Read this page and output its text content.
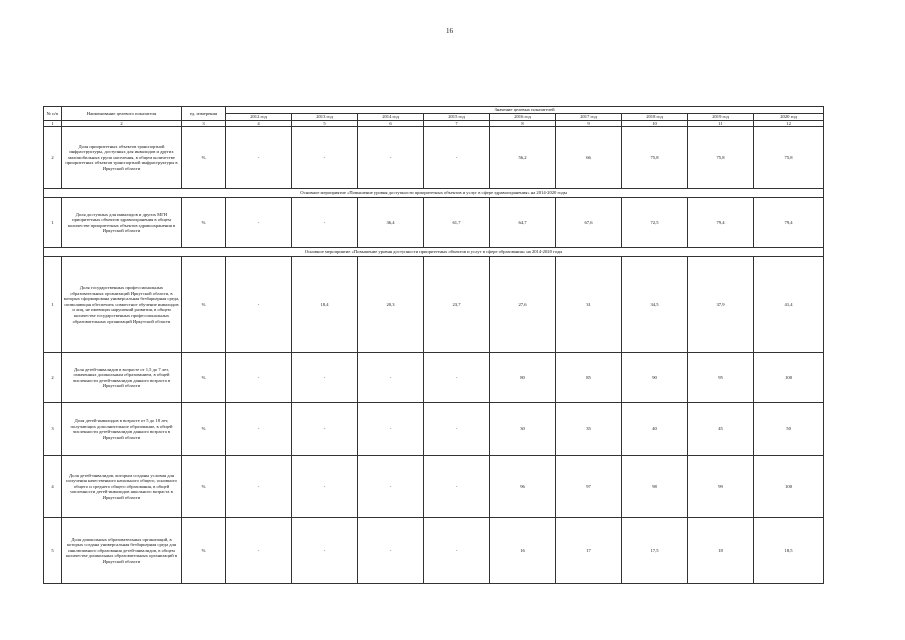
16
№ п/п	Наименование целевого показателя	ед. измерения	Значение целевых показателей								
			2012 год	2013 год	2014 год	2015 год	2016 год	2017 год	2018 год	2019 год	2020 год
1	2	3	4	5	6	7	8	9	10	11	12
2	Доля приоритетных объектов транспортной инфраструктуры, доступных для инвалидов и других маломобильных групп населения, в общем количестве приоритетных объектов транспортной инфраструктуры в Иркутской области	%	-	-	-	-	56,2	66	75,8	75,8	75,8
Основное мероприятие «Повышение уровня доступности приоритетных объектов и услуг в сфере здравоохранения» на 2014-2020 годы											
1	Доля доступных для инвалидов и других МГН приоритетных объектов здравоохранения в общем количестве приоритетных объектов здравоохранения в Иркутской области	%	-	-	36,4	61,7	64,7	67,6	72,5	79,4	79,4
Основное мероприятие «Повышение уровня доступности приоритетных объектов и услуг в сфере образования» на 2014-2020 годы											
1	Доля государственных профессиональных образовательных организаций Иркутской области, в которых сформирована универсальная безбарьерная среда, позволяющая обеспечить совместное обучение инвалидов и лиц, не имеющих нарушений развития, в общем количестве государственных профессиональных образовательных организаций Иркутской области	%	-	18,4	20,3	23,7	27,6	31	34,5	37,9	41,4
2	Доля детей-инвалидов в возрасте от 1,5 до 7 лет, охваченных дошкольным образованием, в общей численности детей-инвалидов данного возраста в Иркутской области	%	-	-	-	-	80	85	90	95	100
3	Доля детей-инвалидов в возрасте от 5 до 18 лет, получающих дополнительное образование, в общей численности детей-инвалидов данного возраста в Иркутской области	%	-	-	-	-	30	35	40	45	50
4	Доля детей-инвалидов, которым созданы условия для получения качественного начального общего, основного общего и среднего общего образования, в общей численности детей-инвалидов школьного возраста в Иркутской области	%	-	-	-	-	96	97	98	99	100
5	Доля дошкольных образовательных организаций, в которых создана универсальная безбарьерная среда для инклюзивного образования детей-инвалидов, в общем количестве дошкольных образовательных организаций в Иркутской области	%	-	-	-	-	16	17	17,5	18	18,5
